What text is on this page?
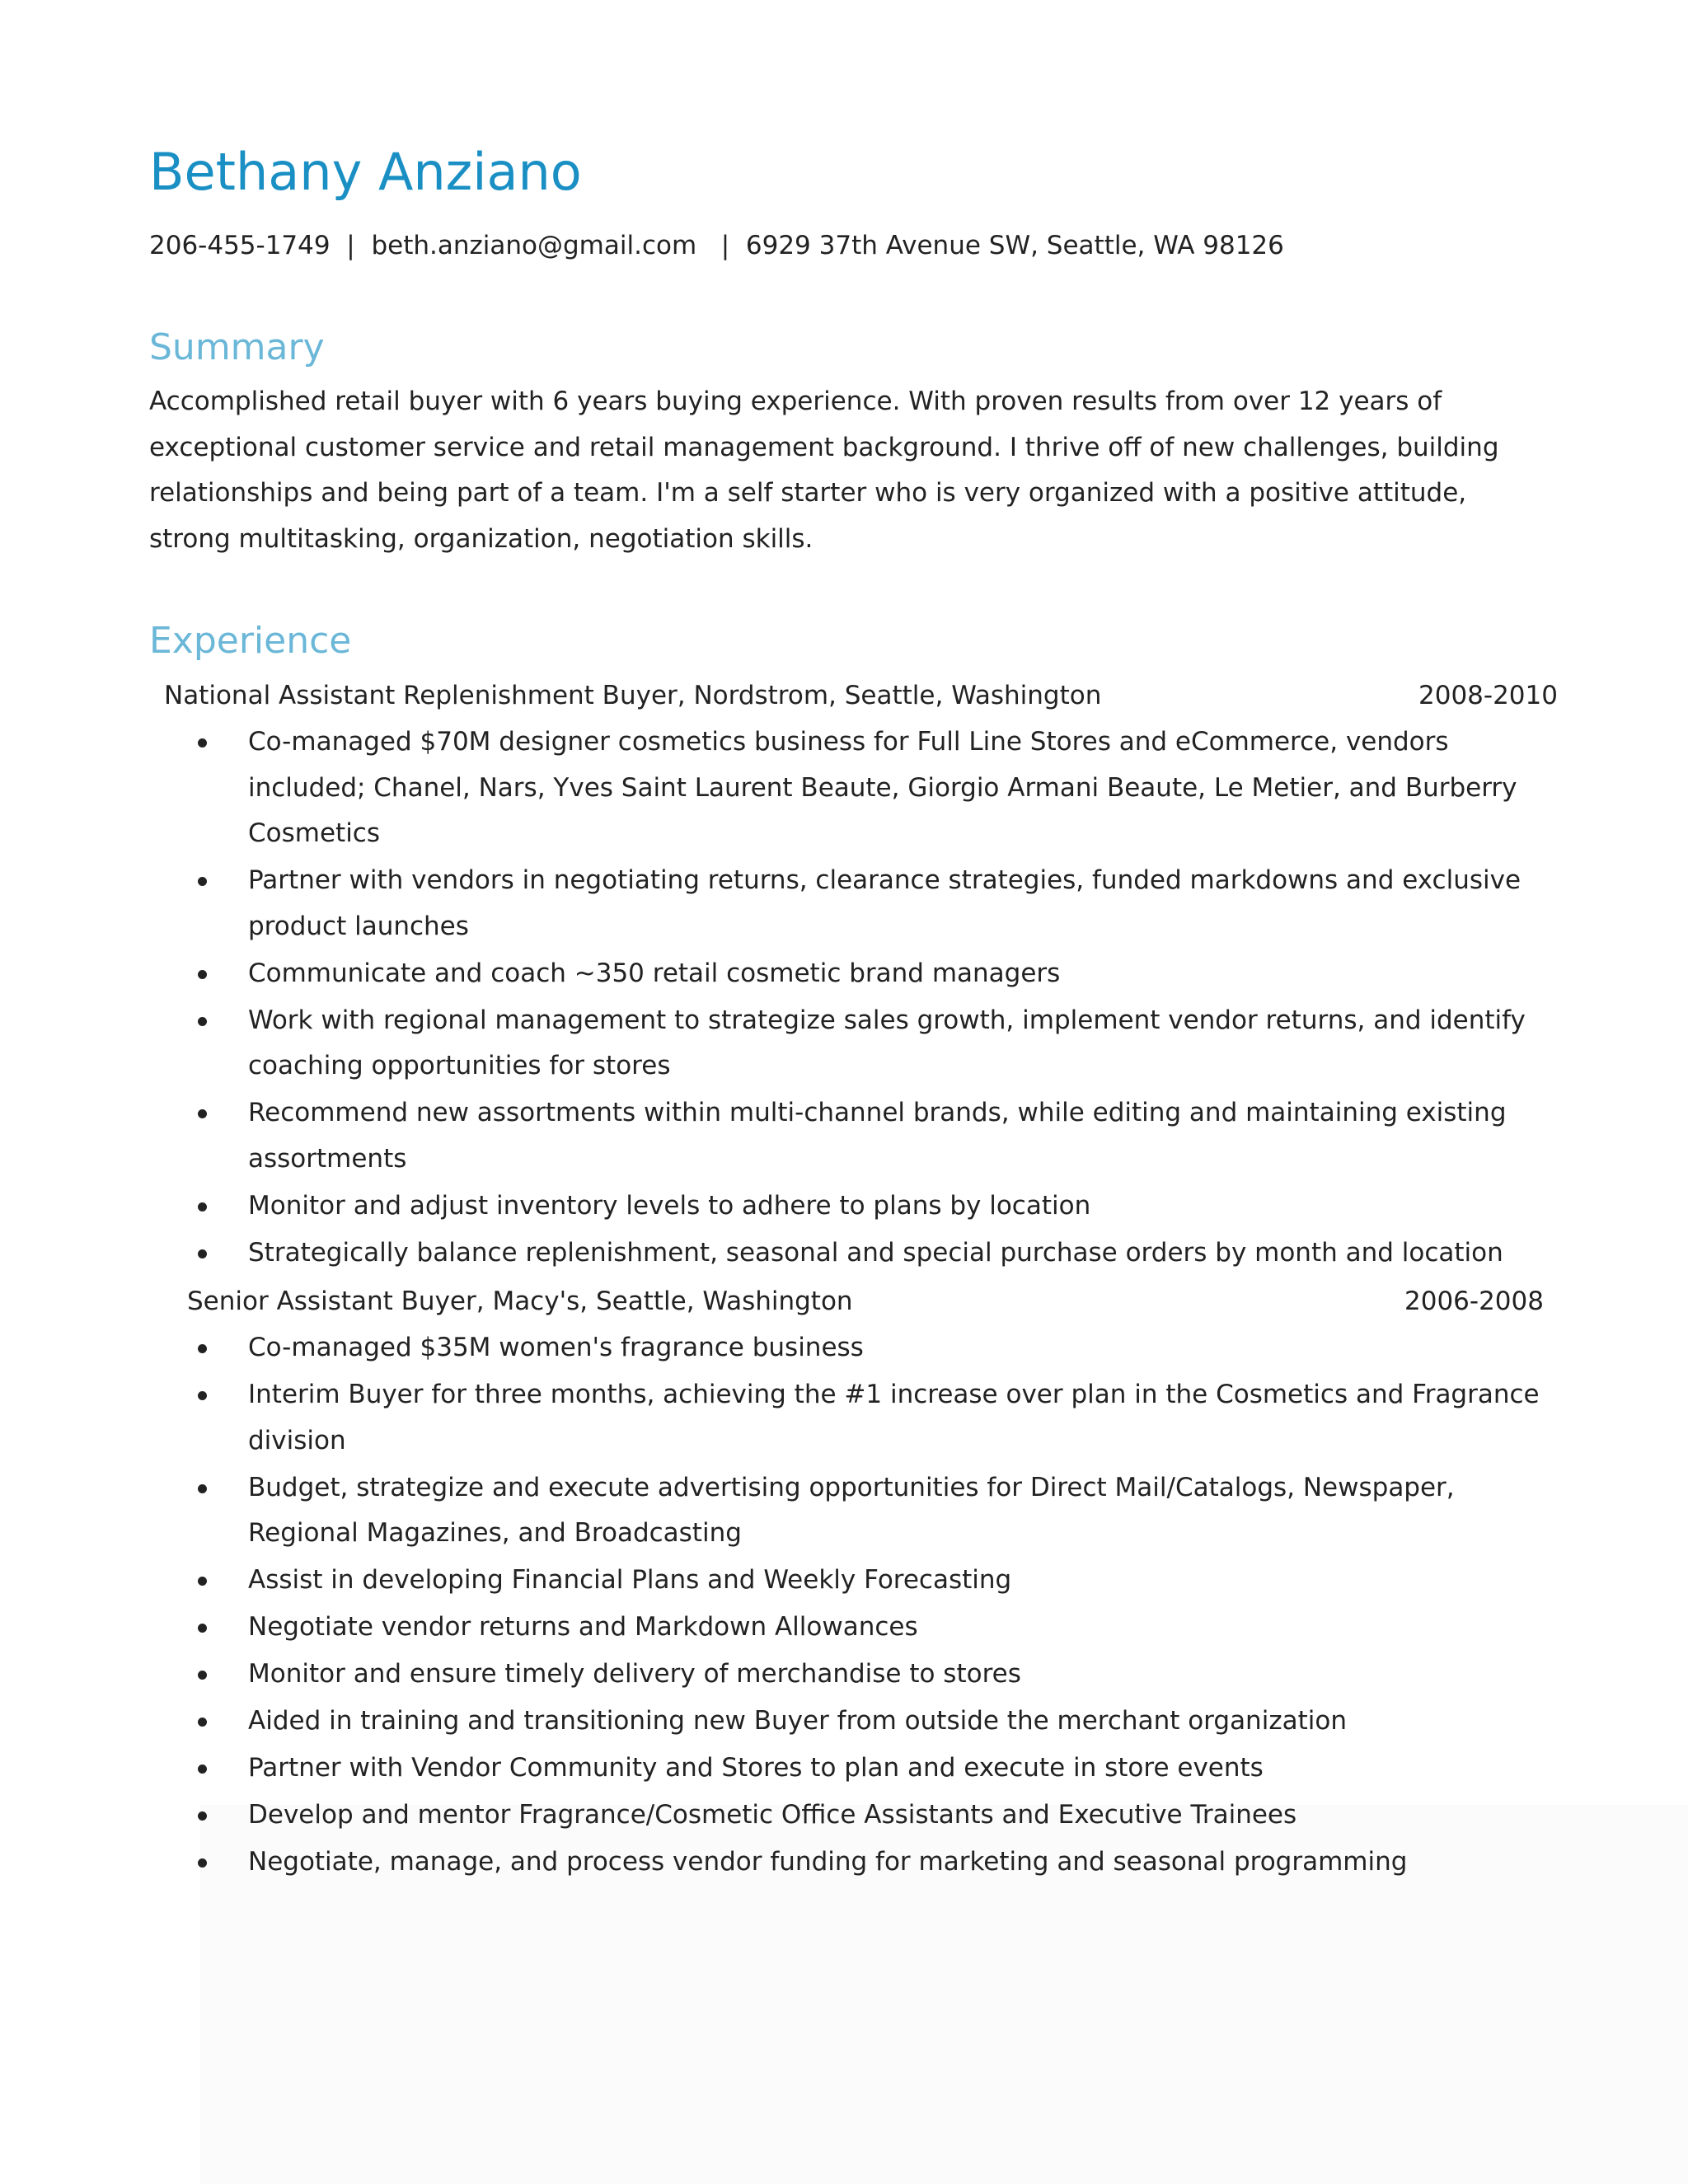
Bethany Anziano
206-455-1749  |  beth.anziano@gmail.com   |  6929 37th Avenue SW, Seattle, WA 98126
Summary
Accomplished retail buyer with 6 years buying experience. With proven results from over 12 years of exceptional customer service and retail management background. I thrive off of new challenges, building relationships and being part of a team. I'm a self starter who is very organized with a positive attitude, strong multitasking, organization, negotiation skills.
Experience
National Assistant Replenishment Buyer, Nordstrom, Seattle, Washington	2008-2010
Co-managed $70M designer cosmetics business for Full Line Stores and eCommerce, vendors included; Chanel, Nars, Yves Saint Laurent Beaute, Giorgio Armani Beaute, Le Metier, and Burberry Cosmetics
Partner with vendors in negotiating returns, clearance strategies, funded markdowns and exclusive product launches
Communicate and coach ~350 retail cosmetic brand managers
Work with regional management to strategize sales growth, implement vendor returns, and identify coaching opportunities for stores
Recommend new assortments within multi-channel brands, while editing and maintaining existing assortments
Monitor and adjust inventory levels to adhere to plans by location
Strategically balance replenishment, seasonal and special purchase orders by month and location
Senior Assistant Buyer, Macy's, Seattle, Washington	2006-2008
Co-managed $35M women's fragrance business
Interim Buyer for three months, achieving the #1 increase over plan in the Cosmetics and Fragrance division
Budget, strategize and execute advertising opportunities for Direct Mail/Catalogs, Newspaper, Regional Magazines, and Broadcasting
Assist in developing Financial Plans and Weekly Forecasting
Negotiate vendor returns and Markdown Allowances
Monitor and ensure timely delivery of merchandise to stores
Aided in training and transitioning new Buyer from outside the merchant organization
Partner with Vendor Community and Stores to plan and execute in store events
Develop and mentor Fragrance/Cosmetic Office Assistants and Executive Trainees
Negotiate, manage, and process vendor funding for marketing and seasonal programming
